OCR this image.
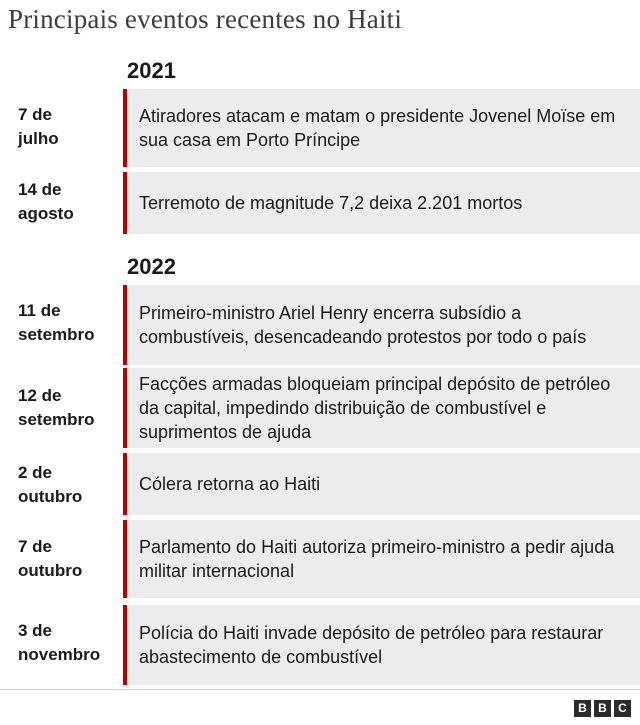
Principais eventos recentes no Haiti
2021
7 de
julho
Atiradores atacam e matam o presidente Jovenel Moïse em sua casa em Porto Príncipe
14 de
agosto
Terremoto de magnitude 7,2 deixa 2.201 mortos
2022
11 de
setembro
Primeiro-ministro Ariel Henry encerra subsídio a combustíveis, desencadeando protestos por todo o país
12 de
setembro
Facções armadas bloqueiam principal depósito de petróleo da capital, impedindo distribuição de combustível e suprimentos de ajuda
2 de
outubro
Cólera retorna ao Haiti
7 de
outubro
Parlamento do Haiti autoriza primeiro-ministro a pedir ajuda militar internacional
3 de
novembro
Polícia do Haiti invade depósito de petróleo para restaurar abastecimento de combustível
B B C
